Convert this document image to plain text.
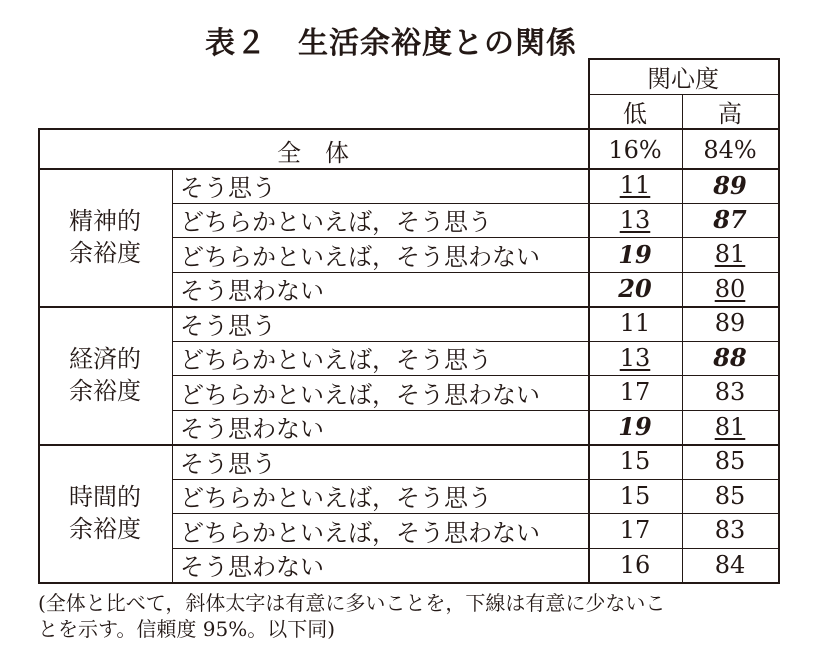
表２　生活余裕度との関係
関心度
低	高
全　体	16%	84%
精神的
余裕度
そう思う	11	89
どちらかといえば，そう思う	13	87
どちらかといえば，そう思わない	19	81
そう思わない	20	80
経済的
余裕度
そう思う	11	89
どちらかといえば，そう思う	13	88
どちらかといえば，そう思わない	17	83
そう思わない	19	81
時間的
余裕度
そう思う	15	85
どちらかといえば，そう思う	15	85
どちらかといえば，そう思わない	17	83
そう思わない	16	84
(全体と比べて，斜体太字は有意に多いことを，下線は有意に少ないこ
とを示す。信頼度 95%。以下同)
